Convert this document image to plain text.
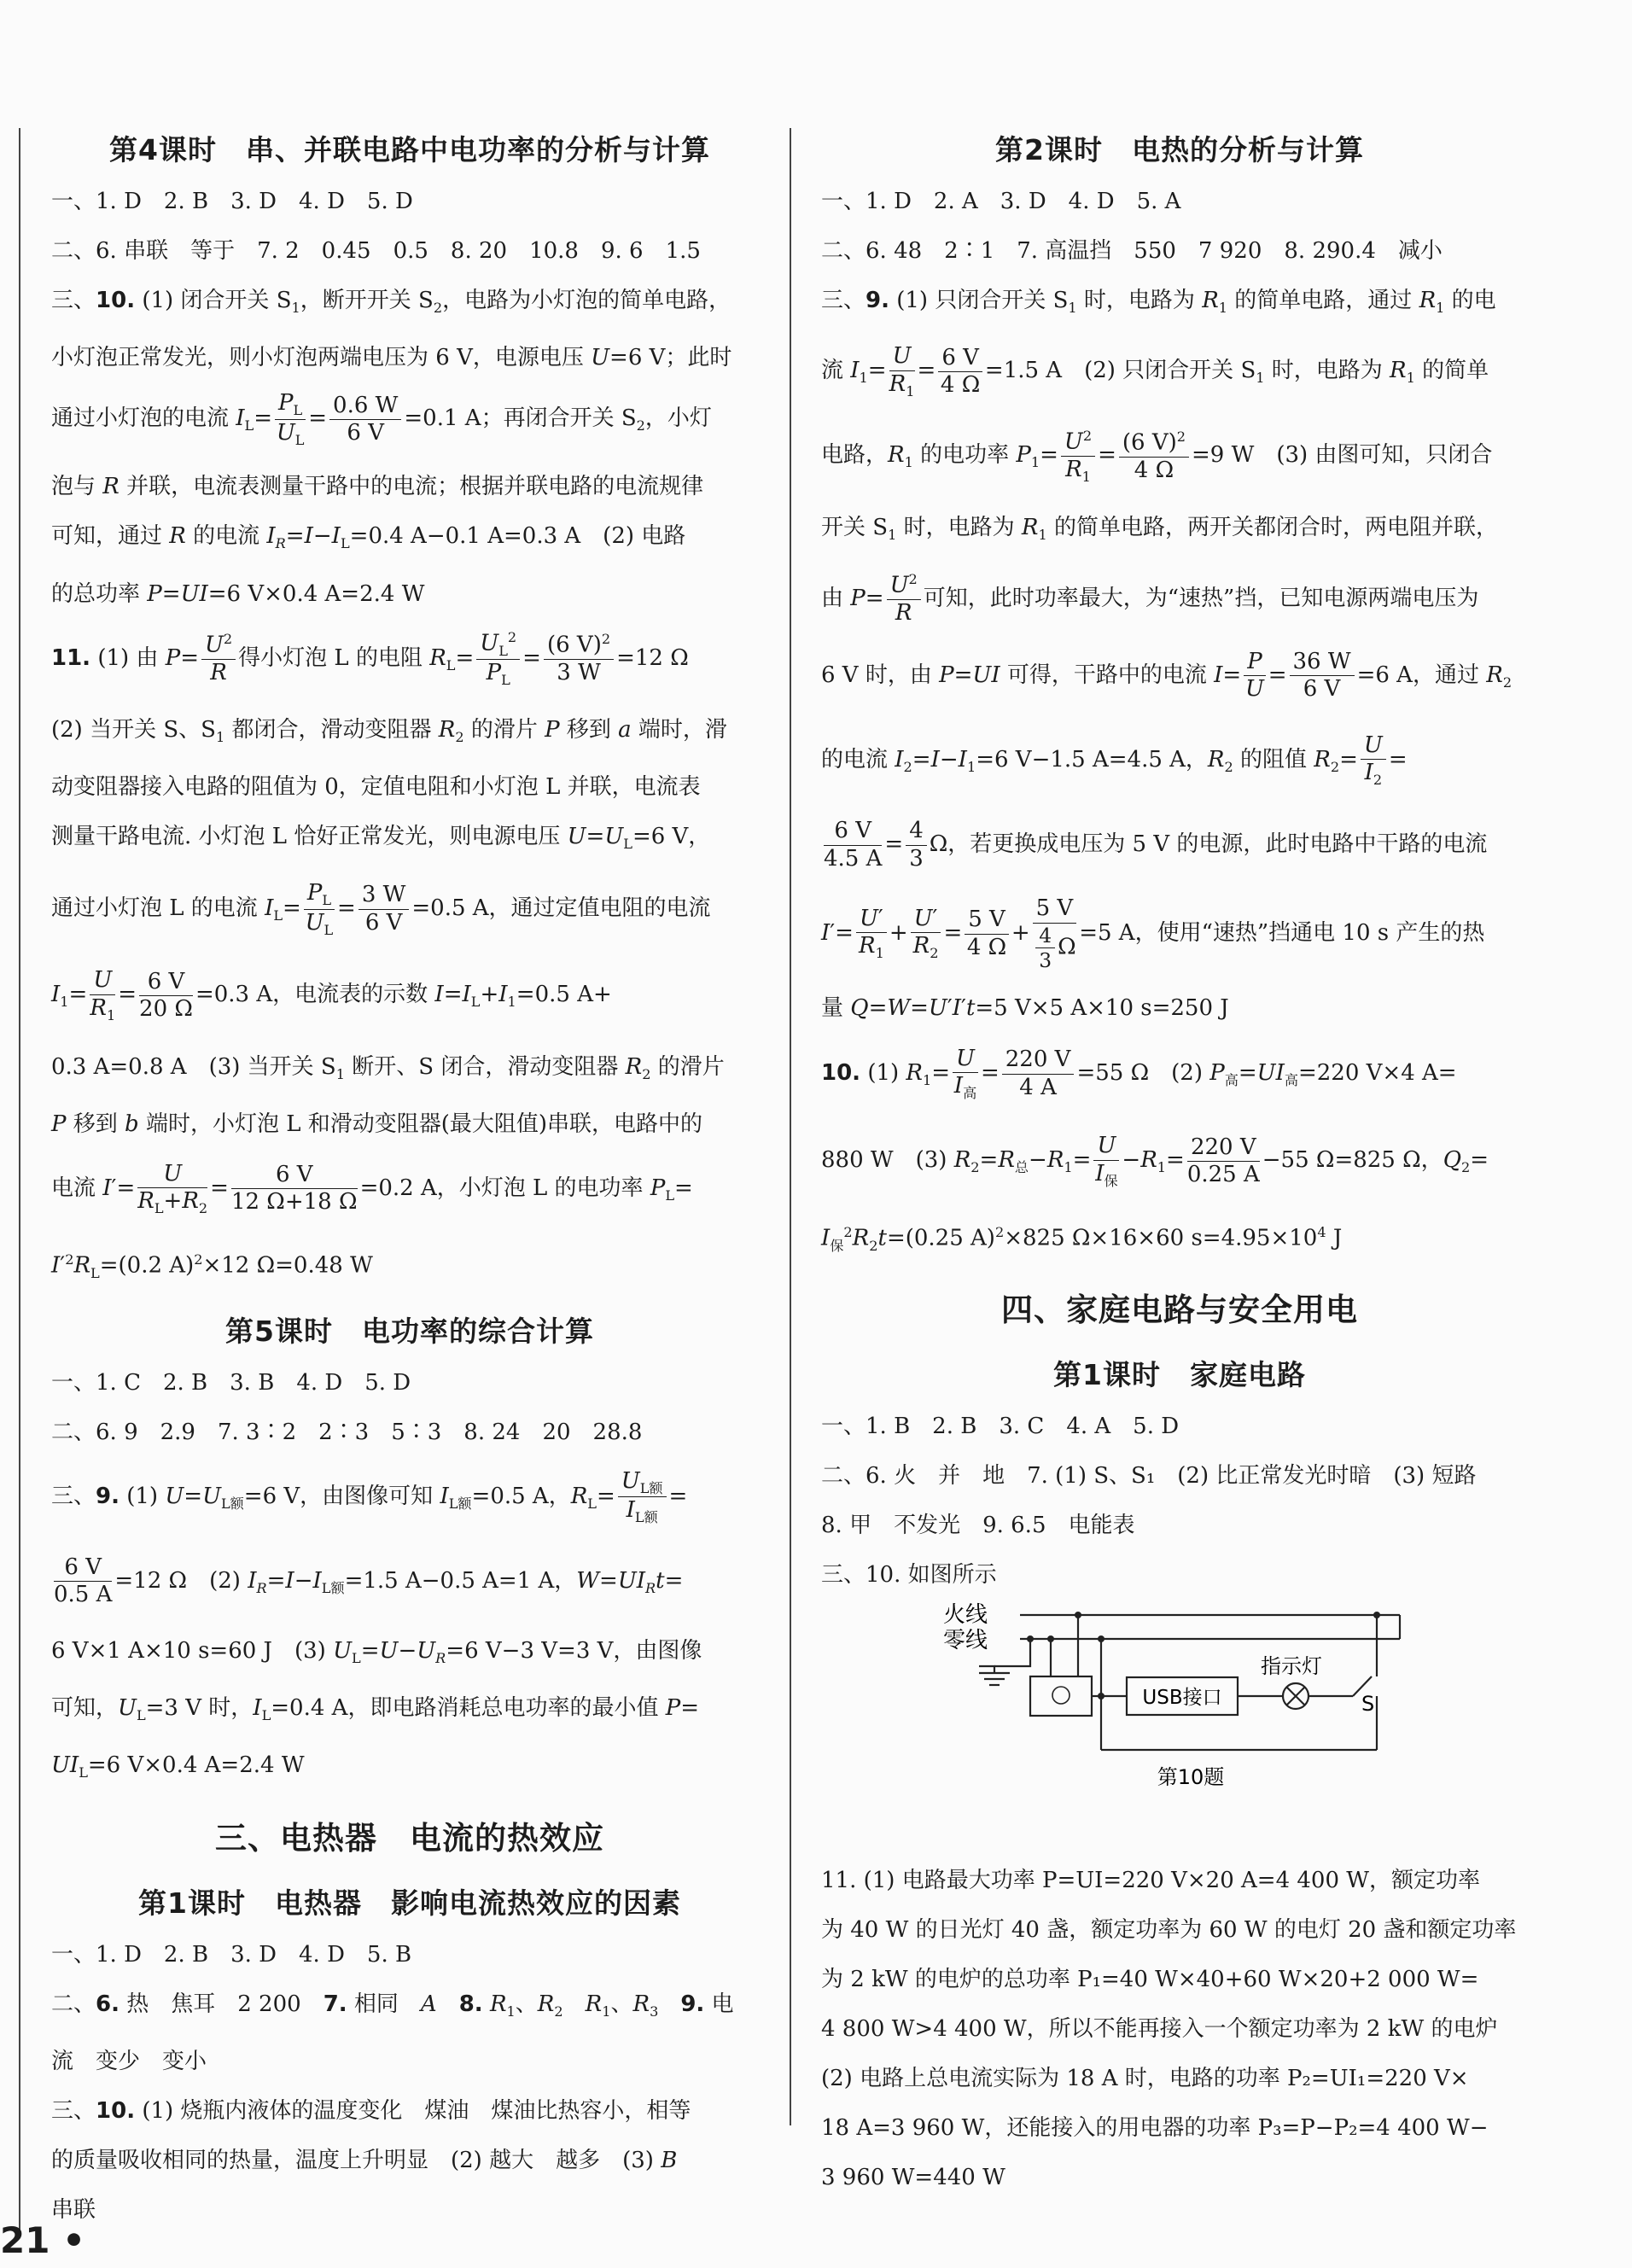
第4课时　串、并联电路中电功率的分析与计算
一、1. D　2. B　3. D　4. D　5. D
二、6. 串联　等于　7. 2　0.45　0.5　8. 20　10.8　9. 6　1.5
三、10. (1) 闭合开关 $S_1$，断开开关 $S_2$，电路为小灯泡的简单电路，
小灯泡正常发光，则小灯泡两端电压为 6 V，电源电压 U=6 V；此时
通过小灯泡的电流 $I_L= \frac{P_L}{U_L} = \frac{0.6 W}{6 V} =0.1$ A；再闭合开关 $S_2$，小灯
泡与 R 并联，电流表测量干路中的电流；根据并联电路的电流规律
可知，通过 R 的电流 $I_R=I-I_L=0.4$ A−0.1 A=0.3 A　(2) 电路
的总功率 P=UI=6 V×0.4 A=2.4 W
11. (1) 由 $P= \frac{U^2}{R}$ 得小灯泡 L 的电阻 $R_L= \frac{U_L^2}{P_L} = \frac{(6 V)^2}{3 W} =12$ Ω
(2) 当开关 S、$S_1$ 都闭合，滑动变阻器 $R_2$ 的滑片 P 移到 a 端时，滑
动变阻器接入电路的阻值为 0，定值电阻和小灯泡 L 并联，电流表
测量干路电流. 小灯泡 L 恰好正常发光，则电源电压 $U=U_L=6$ V，
通过小灯泡 L 的电流 $I_L= \frac{P_L}{U_L} = \frac{3 W}{6 V} =0.5$ A，通过定值电阻的电流
$I_1= \frac{U}{R_1} = \frac{6 V}{20 \Omega} =0.3$ A，电流表的示数 $I=I_L+I_1=0.5$ A+
0.3 A=0.8 A　(3) 当开关 $S_1$ 断开、S 闭合，滑动变阻器 $R_2$ 的滑片
P 移到 b 端时，小灯泡 L 和滑动变阻器(最大阻值)串联，电路中的
电流 $I'= \frac{U}{R_L+R_2} = \frac{6 V}{12 \Omega+18 \Omega} =0.2$ A，小灯泡 L 的电功率 $P_L=$
$I'^2R_L=(0.2$ A)$^2$×12 Ω=0.48 W
第5课时　电功率的综合计算
一、1. C　2. B　3. B　4. D　5. D
二、6. 9　2.9　7. 3∶2　2∶3　5∶3　8. 24　20　28.8
三、9. (1) $U=U_{L额}=6$ V，由图像可知 $I_{L额}=0.5$ A，$R_L=$
$U_{L额}$
$I_{L额}$
=
$\frac{6 V}{0.5 A} =12$ Ω　(2) $I_R=I-I_{L额}=1.5$ A−0.5 A=1 A，$W=UI_Rt=$
6 V×1 A×10 s=60 J　(3) $U_L=U-U_R=6$ V−3 V=3 V，由图像
可知，$U_L=3$ V 时，$I_L=0.4$ A，即电路消耗总电功率的最小值 P=
$UI_L=6$ V×0.4 A=2.4 W
三、电热器　电流的热效应
第1课时　电热器　影响电流热效应的因素
一、1. D　2. B　3. D　4. D　5. B
二、6. 热　焦耳　2 200　7. 相同　A　 8. $R_1$、$R_2$　 $R_1$、$R_3$　 9. 电
流　变少　变小
三、10. (1) 烧瓶内液体的温度变化　煤油　煤油比热容小，相等
的质量吸收相同的热量，温度上升明显　(2) 越大　越多　(3) B
串联
第2课时　电热的分析与计算
一、1. D　2. A　3. D　4. D　5. A
二、6. 48　2∶1　7. 高温挡　550　7 920　8. 290.4　减小
三、9. (1) 只闭合开关 $S_1$ 时，电路为 $R_1$ 的简单电路，通过 $R_1$ 的电
流 $I_1= \frac{U}{R_1} = \frac{6 V}{4 \Omega} =1.5$ A　(2) 只闭合开关 $S_1$ 时，电路为 $R_1$ 的简单
电路，$R_1$ 的电功率 $P_1= \frac{U^2}{R_1} = \frac{(6 V)^2}{4 \Omega} =9$ W　(3) 由图可知，只闭合
开关 $S_1$ 时，电路为 $R_1$ 的简单电路，两开关都闭合时，两电阻并联，
由 $P= \frac{U^2}{R}$ 可知，此时功率最大，为“速热”挡，已知电源两端电压为
6 V 时，由 P=UI 可得，干路中的电流 $I= \frac{P}{U} = \frac{36 W}{6 V} =6$ A，通过 $R_2$
的电流 $I_2=I-I_1=6$ V−1.5 A=4.5 A，$R_2$ 的阻值 $R_2= \frac{U}{I_2}$ =
$\frac{6 V}{4.5 A} = \frac{4}{3}$ Ω，若更换成电压为 5 V 的电源，此时电路中干路的电流
$I'= \frac{U'}{R_1} + \frac{U'}{R_2} = \frac{5 V}{4 \Omega} + \frac{5 V}{\frac{4}{3} \Omega} =5$ A，使用“速热”挡通电 10 s 产生的热
量 Q=W=U′I′t=5 V×5 A×10 s=250 J
10. (1) $R_1=$
U
$I_高$
= $\frac{220 V}{4 A} =55$ Ω　(2) $P_高=UI_高=220$ V×4 A=
880 W　(3) $R_2=R_总-R_1=$
U
$I_保$
$-R_1= \frac{220 V}{0.25 A} -55$ Ω=825 Ω，$Q_2=$
$I_保^2R_2t=(0.25$ A)$^2$×825 Ω×16×60 $s=4.95\times 10^4$ J
四、家庭电路与安全用电
第1课时　家庭电路
一、1. B　2. B　3. C　4. A　5. D
二、6. 火　并　地　7. (1) S、S₁　(2) 比正常发光时暗　(3) 短路
8. 甲　不发光　9. 6.5　电能表
三、10. 如图所示
11. (1) 电路最大功率 P=UI=220 V×20 A=4 400 W，额定功率
为 40 W 的日光灯 40 盏，额定功率为 60 W 的电灯 20 盏和额定功率
为 2 kW 的电炉的总功率 P₁=40 W×40+60 W×20+2 000 W=
4 800 W>4 400 W，所以不能再接入一个额定功率为 2 kW 的电炉
(2) 电路上总电流实际为 18 A 时，电路的功率 P₂=UI₁=220 V×
18 A=3 960 W，还能接入的用电器的功率 P₃=P−P₂=4 400 W−
3 960 W=440 W
火线
零线
USB接口
指示灯
S
第10题
21 •
